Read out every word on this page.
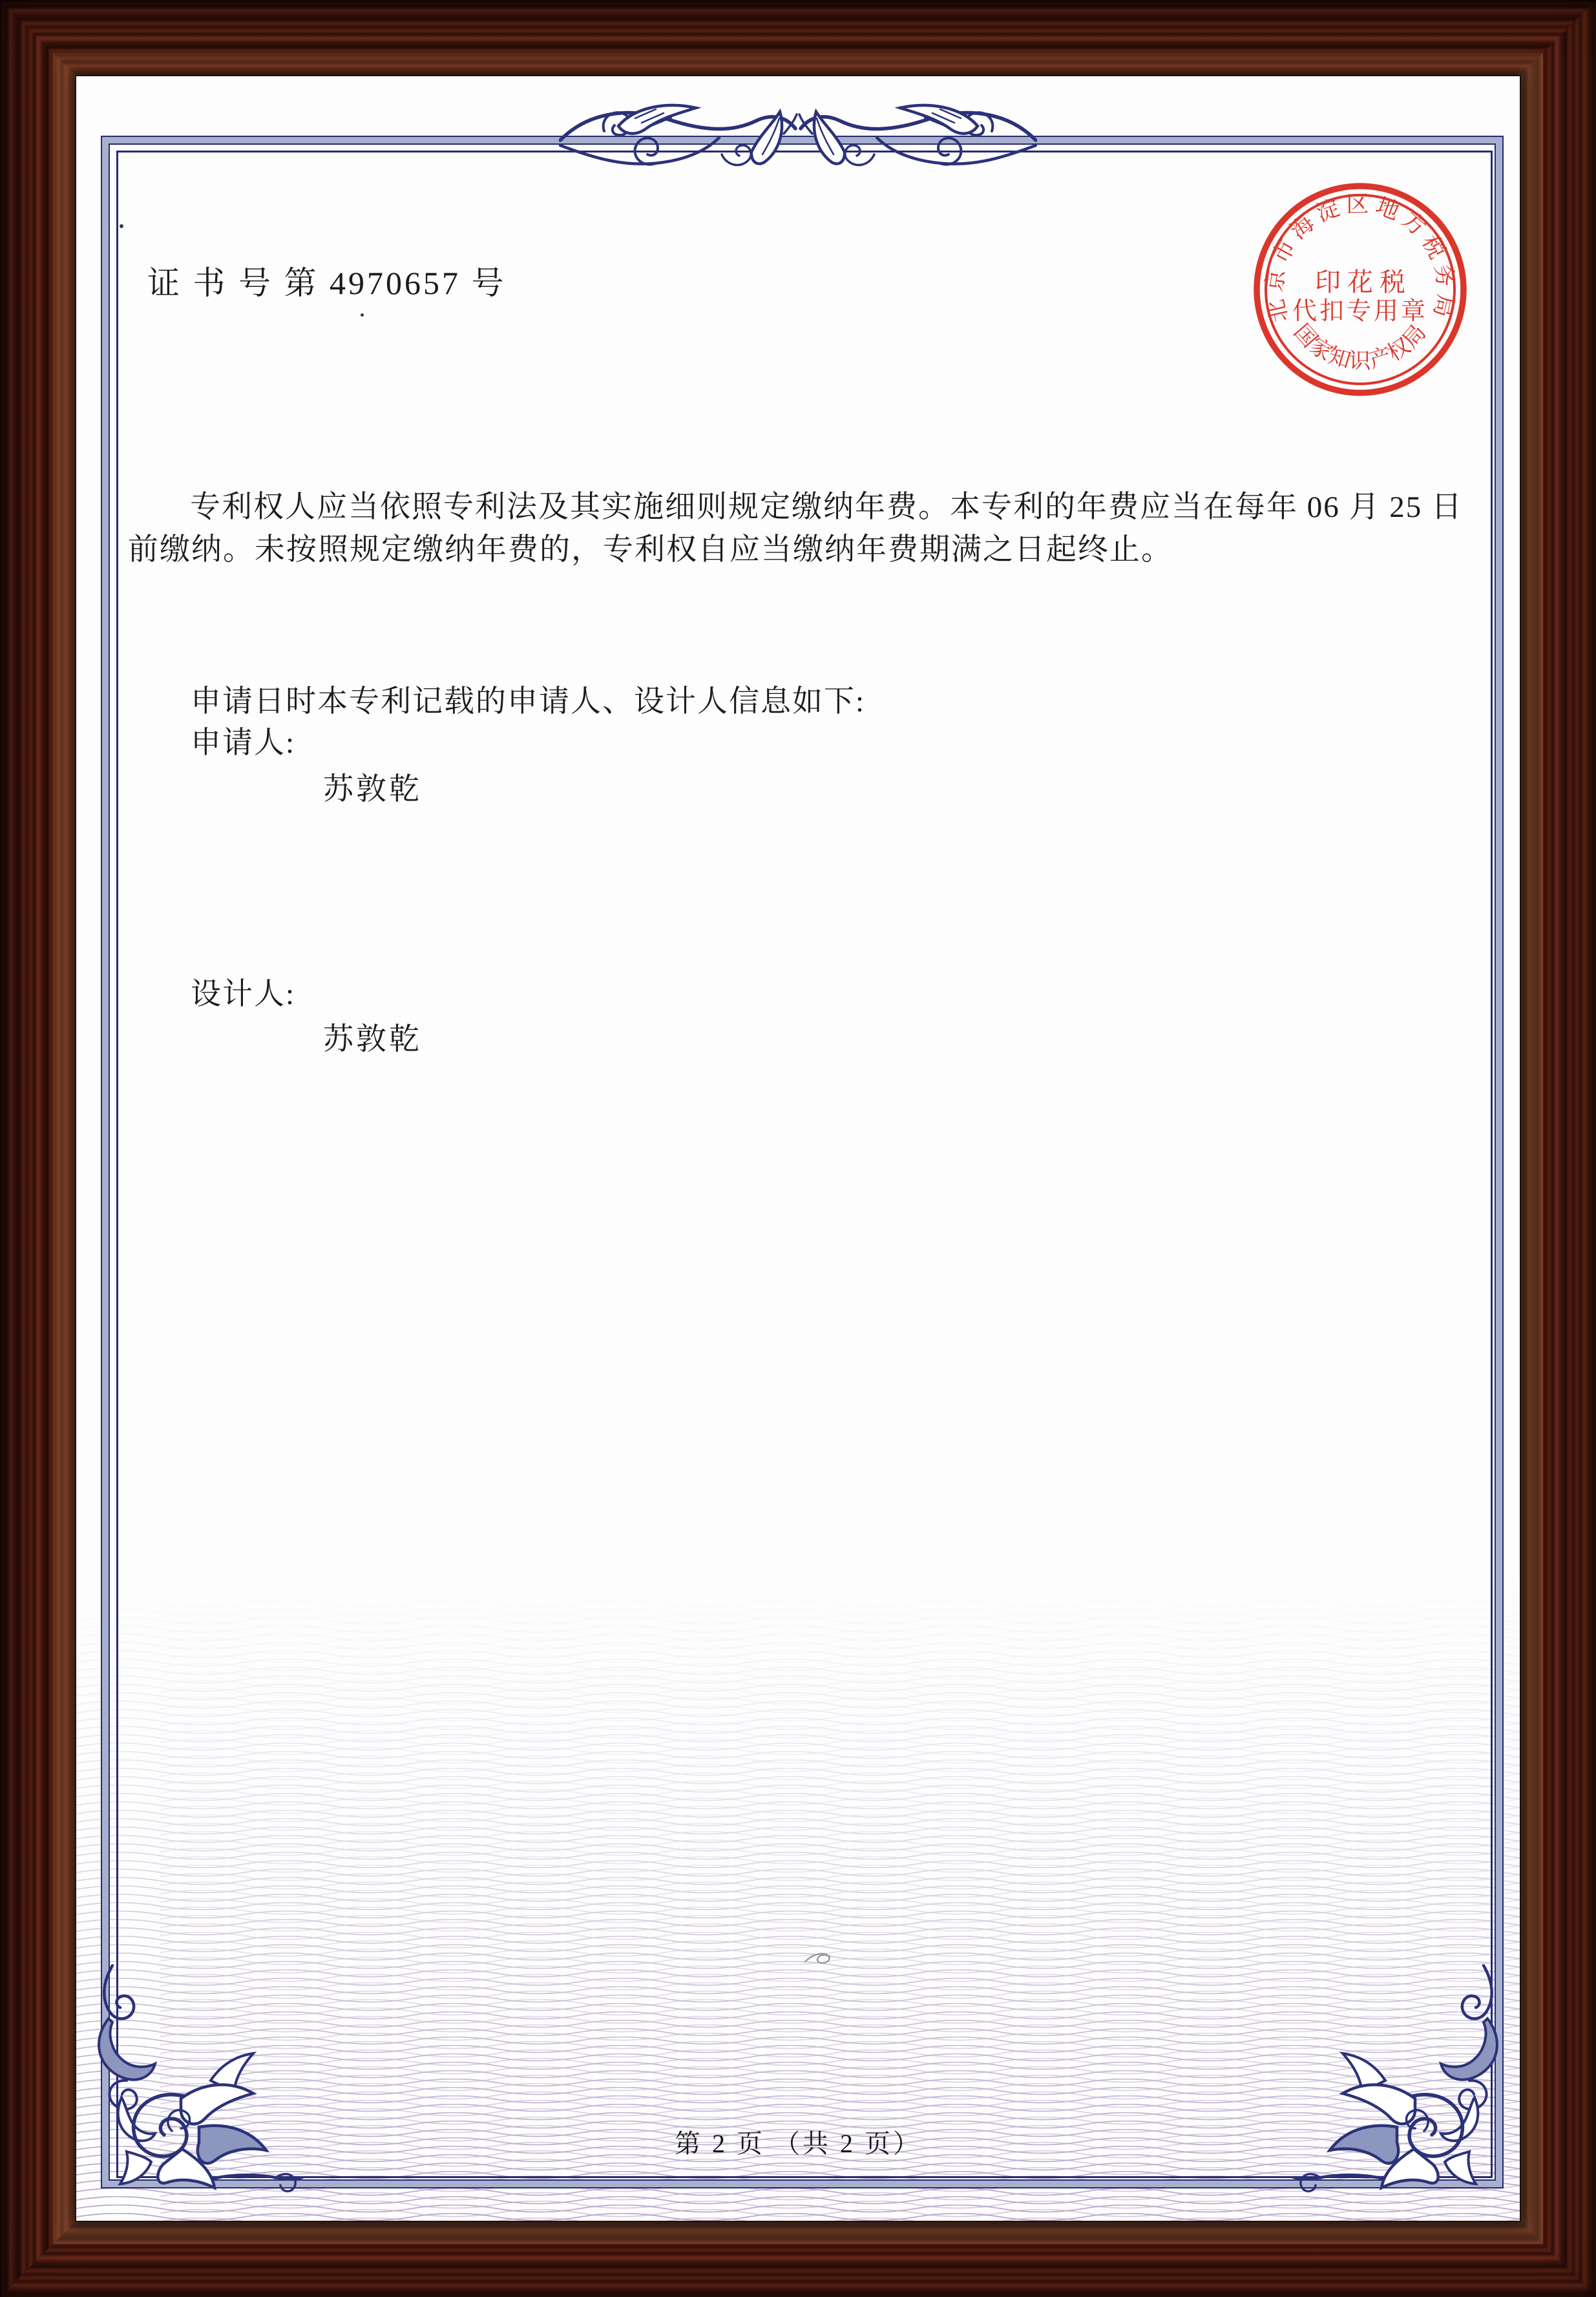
证 书 号 第 4970657 号
专利权人应当依照专利法及其实施细则规定缴纳年费。本专利的年费应当在每年 06 月 25 日
前缴纳。未按照规定缴纳年费的，专利权自应当缴纳年费期满之日起终止。
申请日时本专利记载的申请人、设计人信息如下:
申请人:
苏敦乾
设计人:
苏敦乾
第 2 页 （共 2 页）
北京市海淀区地方税务局
国家知识产权局
印 花 税
代扣专用章
